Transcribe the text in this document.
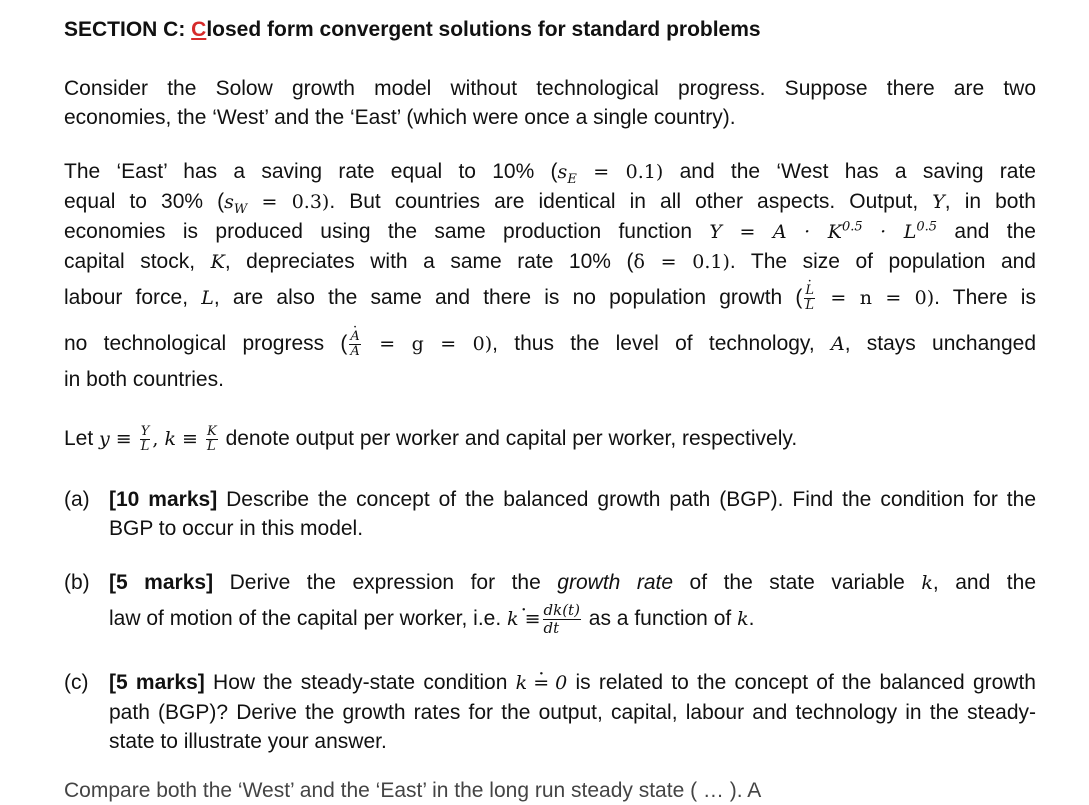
SECTION C: Closed form convergent solutions for standard problems
Consider the Solow growth model without technological progress. Suppose there are two
economies, the ‘West’ and the ‘East’ (which were once a single country).
The ‘East’ has a saving rate equal to 10% $(s_E = 0.1)$ and the ‘West has a saving rate
equal to 30% $(s_W = 0.3)$. But countries are identical in all other aspects. Output, Y, in both
economies is produced using the same production function $Y = A \cdot K^{0.5} \cdot L^{0.5}$ and the
capital stock, K, depreciates with a same rate 10% (δ = 0.1). The size of population and
labour force, L, are also the same and there is no population growth ( · $\frac{L}{L} = n = 0$). There is
no technological progress ( · $\frac{A}{A} = g = 0$), thus the level of technology, A, stays unchanged
in both countries.
Let $y \equiv \frac{Y}{L}$ , $k \equiv \frac{K}{L}$ denote output per worker and capital per worker, respectively.
(a) [10 marks] Describe the concept of the balanced growth path (BGP). Find the condition for the BGP to occur in this model.
(b) [5 marks] Derive the expression for the growth rate of the state variable k, and the
law of motion of the capital per worker, i.e. · $k \equiv \frac{dk(t)}{dt}$ as a function of k.
(c) [5 marks] How the steady-state condition · k = 0 is related to the concept of the balanced growth path (BGP)? Derive the growth rates for the output, capital, labour and technology in the steady-state to illustrate your answer.
Compare both the ‘West’ and the ‘East’ in the long run steady state ( … ). A
